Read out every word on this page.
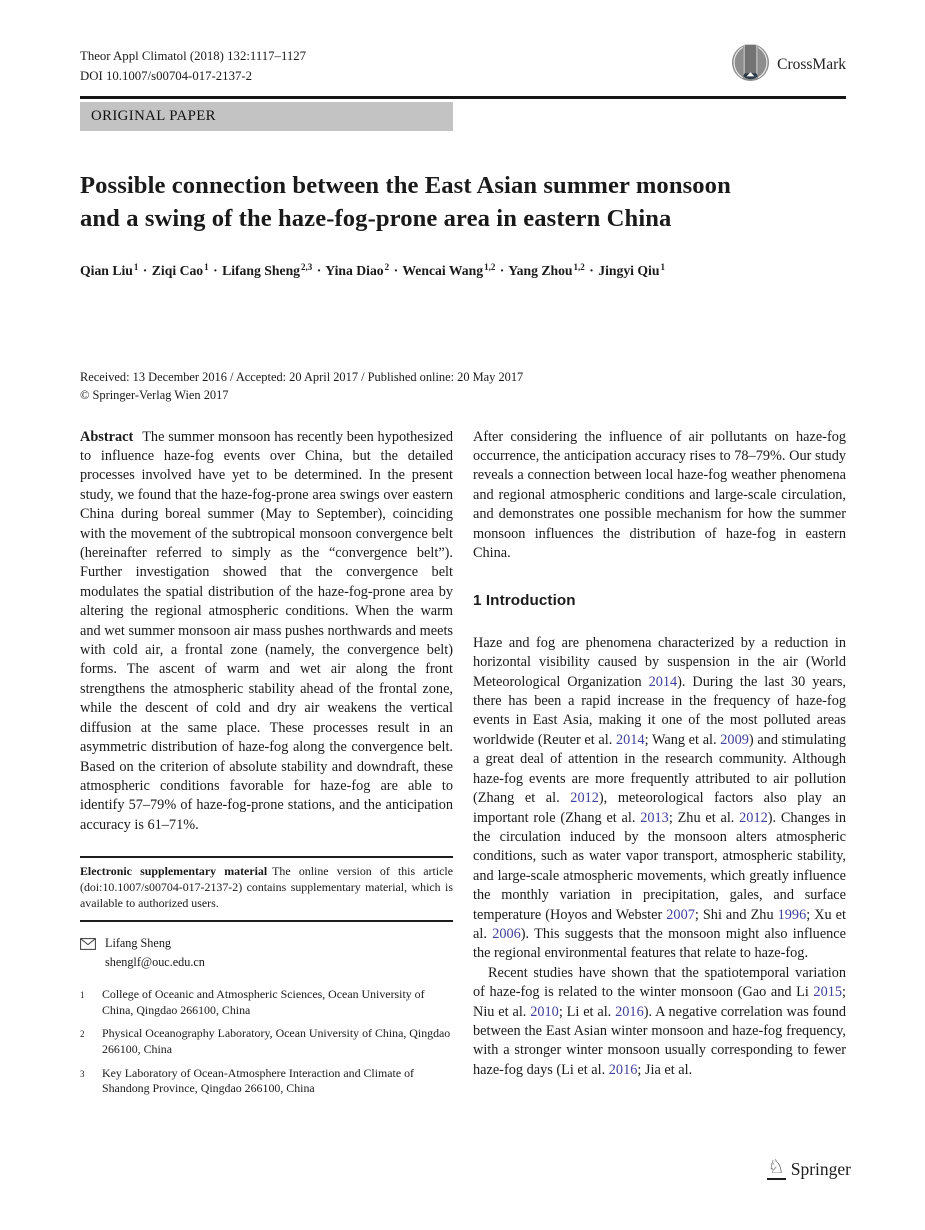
Theor Appl Climatol (2018) 132:1117–1127
DOI 10.1007/s00704-017-2137-2
CrossMark
ORIGINAL PAPER
Possible connection between the East Asian summer monsoon
and a swing of the haze-fog-prone area in eastern China
Qian Liu$^1$ · Ziqi Cao$^1$ · Lifang Sheng$^{2,3}$ · Yina Diao$^2$ · Wencai Wang$^{1,2}$ · Yang Zhou$^{1,2}$ · Jingyi Qiu$^1$
Received: 13 December 2016 / Accepted: 20 April 2017 / Published online: 20 May 2017
© Springer-Verlag Wien 2017

Abstract The summer monsoon has recently been hypothesized to influence haze-fog events over China, but the detailed processes involved have yet to be determined. In the present study, we found that the haze-fog-prone area swings over eastern China during boreal summer (May to September), coinciding with the movement of the subtropical monsoon convergence belt (hereinafter referred to simply as the “convergence belt”). Further investigation showed that the convergence belt modulates the spatial distribution of the haze-fog-prone area by altering the regional atmospheric conditions. When the warm and wet summer monsoon air mass pushes northwards and meets with cold air, a frontal zone (namely, the convergence belt) forms. The ascent of warm and wet air along the front strengthens the atmospheric stability ahead of the frontal zone, while the descent of cold and dry air weakens the vertical diffusion at the same place. These processes result in an asymmetric distribution of haze-fog along the convergence belt. Based on the criterion of absolute stability and downdraft, these atmospheric conditions favorable for haze-fog are able to identify 57–79% of haze-fog-prone stations, and the anticipation accuracy is 61–71%.

Electronic supplementary material The online version of this article (doi:10.1007/s00704-017-2137-2) contains supplementary material, which is available to authorized users.
Lifang Sheng
shenglf@ouc.edu.cn
1	College of Oceanic and Atmospheric Sciences, Ocean University of China, Qingdao 266100, China
2	Physical Oceanography Laboratory, Ocean University of China, Qingdao 266100, China
3	Key Laboratory of Ocean-Atmosphere Interaction and Climate of Shandong Province, Qingdao 266100, China

After considering the influence of air pollutants on haze-fog occurrence, the anticipation accuracy rises to 78–79%. Our study reveals a connection between local haze-fog weather phenomena and regional atmospheric conditions and large-scale circulation, and demonstrates one possible mechanism for how the summer monsoon influences the distribution of haze-fog in eastern China.

1 Introduction

Haze and fog are phenomena characterized by a reduction in horizontal visibility caused by suspension in the air (World Meteorological Organization 2014). During the last 30 years, there has been a rapid increase in the frequency of haze-fog events in East Asia, making it one of the most polluted areas worldwide (Reuter et al. 2014; Wang et al. 2009) and stimulating a great deal of attention in the research community. Although haze-fog events are more frequently attributed to air pollution (Zhang et al. 2012), meteorological factors also play an important role (Zhang et al. 2013; Zhu et al. 2012). Changes in the circulation induced by the monsoon alters atmospheric conditions, such as water vapor transport, atmospheric stability, and large-scale atmospheric movements, which greatly influence the monthly variation in precipitation, gales, and surface temperature (Hoyos and Webster 2007; Shi and Zhu 1996; Xu et al. 2006). This suggests that the monsoon might also influence the regional environmental features that relate to haze-fog.

Recent studies have shown that the spatiotemporal variation of haze-fog is related to the winter monsoon (Gao and Li 2015; Niu et al. 2010; Li et al. 2016). A negative correlation was found between the East Asian winter monsoon and haze-fog frequency, with a stronger winter monsoon usually corresponding to fewer haze-fog days (Li et al. 2016; Jia et al.

♘ Springer
